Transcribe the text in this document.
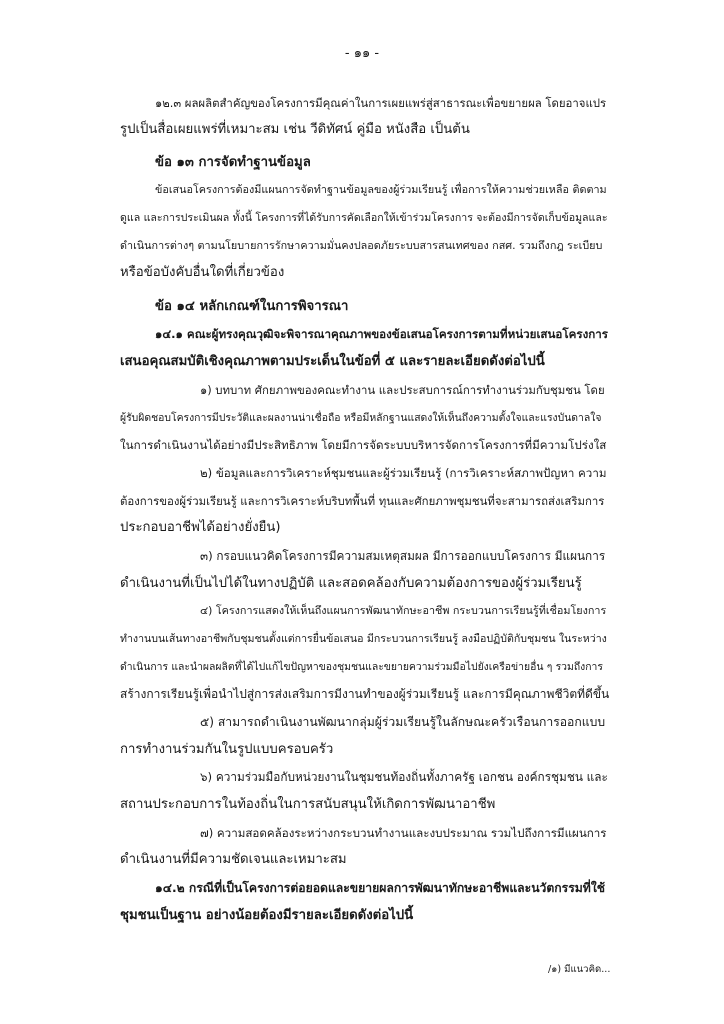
- ๑๑ -
๑๒.๓ ผลผลิตสำคัญของโครงการมีคุณค่าในการเผยแพร่สู่สาธารณะเพื่อขยายผล โดยอาจแปร
รูปเป็นสื่อเผยแพร่ที่เหมาะสม เช่น วีดิทัศน์ คู่มือ หนังสือ เป็นต้น
ข้อ ๑๓ การจัดทำฐานข้อมูล
ข้อเสนอโครงการต้องมีแผนการจัดทำฐานข้อมูลของผู้ร่วมเรียนรู้ เพื่อการให้ความช่วยเหลือ ติดตาม
ดูแล และการประเมินผล ทั้งนี้ โครงการที่ได้รับการคัดเลือกให้เข้าร่วมโครงการ จะต้องมีการจัดเก็บข้อมูลและ
ดำเนินการต่างๆ ตามนโยบายการรักษาความมั่นคงปลอดภัยระบบสารสนเทศของ กสศ. รวมถึงกฎ ระเบียบ
หรือข้อบังคับอื่นใดที่เกี่ยวข้อง
ข้อ ๑๔ หลักเกณฑ์ในการพิจารณา
๑๔.๑ คณะผู้ทรงคุณวุฒิจะพิจารณาคุณภาพของข้อเสนอโครงการตามที่หน่วยเสนอโครงการ
เสนอคุณสมบัติเชิงคุณภาพตามประเด็นในข้อที่ ๕ และรายละเอียดดังต่อไปนี้
๑) บทบาท ศักยภาพของคณะทำงาน และประสบการณ์การทำงานร่วมกับชุมชน โดย
ผู้รับผิดชอบโครงการมีประวัติและผลงานน่าเชื่อถือ หรือมีหลักฐานแสดงให้เห็นถึงความตั้งใจและแรงบันดาลใจ
ในการดำเนินงานได้อย่างมีประสิทธิภาพ โดยมีการจัดระบบบริหารจัดการโครงการที่มีความโปร่งใส
๒) ข้อมูลและการวิเคราะห์ชุมชนและผู้ร่วมเรียนรู้ (การวิเคราะห์สภาพปัญหา ความ
ต้องการของผู้ร่วมเรียนรู้ และการวิเคราะห์บริบทพื้นที่ ทุนและศักยภาพชุมชนที่จะสามารถส่งเสริมการ
ประกอบอาชีพได้อย่างยั่งยืน)
๓) กรอบแนวคิดโครงการมีความสมเหตุสมผล มีการออกแบบโครงการ มีแผนการ
ดำเนินงานที่เป็นไปได้ในทางปฏิบัติ และสอดคล้องกับความต้องการของผู้ร่วมเรียนรู้
๔) โครงการแสดงให้เห็นถึงแผนการพัฒนาทักษะอาชีพ กระบวนการเรียนรู้ที่เชื่อมโยงการ
ทำงานบนเส้นทางอาชีพกับชุมชนตั้งแต่การยื่นข้อเสนอ มีกระบวนการเรียนรู้ ลงมือปฏิบัติกับชุมชน ในระหว่าง
ดำเนินการ และนำผลผลิตที่ได้ไปแก้ไขปัญหาของชุมชนและขยายความร่วมมือไปยังเครือข่ายอื่น ๆ รวมถึงการ
สร้างการเรียนรู้เพื่อนำไปสู่การส่งเสริมการมีงานทำของผู้ร่วมเรียนรู้ และการมีคุณภาพชีวิตที่ดีขึ้น
๕) สามารถดำเนินงานพัฒนากลุ่มผู้ร่วมเรียนรู้ในลักษณะครัวเรือนการออกแบบ
การทำงานร่วมกันในรูปแบบครอบครัว
๖) ความร่วมมือกับหน่วยงานในชุมชนท้องถิ่นทั้งภาครัฐ เอกชน องค์กรชุมชน และ
สถานประกอบการในท้องถิ่นในการสนับสนุนให้เกิดการพัฒนาอาชีพ
๗) ความสอดคล้องระหว่างกระบวนทำงานและงบประมาณ รวมไปถึงการมีแผนการ
ดำเนินงานที่มีความชัดเจนและเหมาะสม
๑๔.๒ กรณีที่เป็นโครงการต่อยอดและขยายผลการพัฒนาทักษะอาชีพและนวัตกรรมที่ใช้
ชุมชนเป็นฐาน อย่างน้อยต้องมีรายละเอียดดังต่อไปนี้
/๑) มีแนวคิด...
